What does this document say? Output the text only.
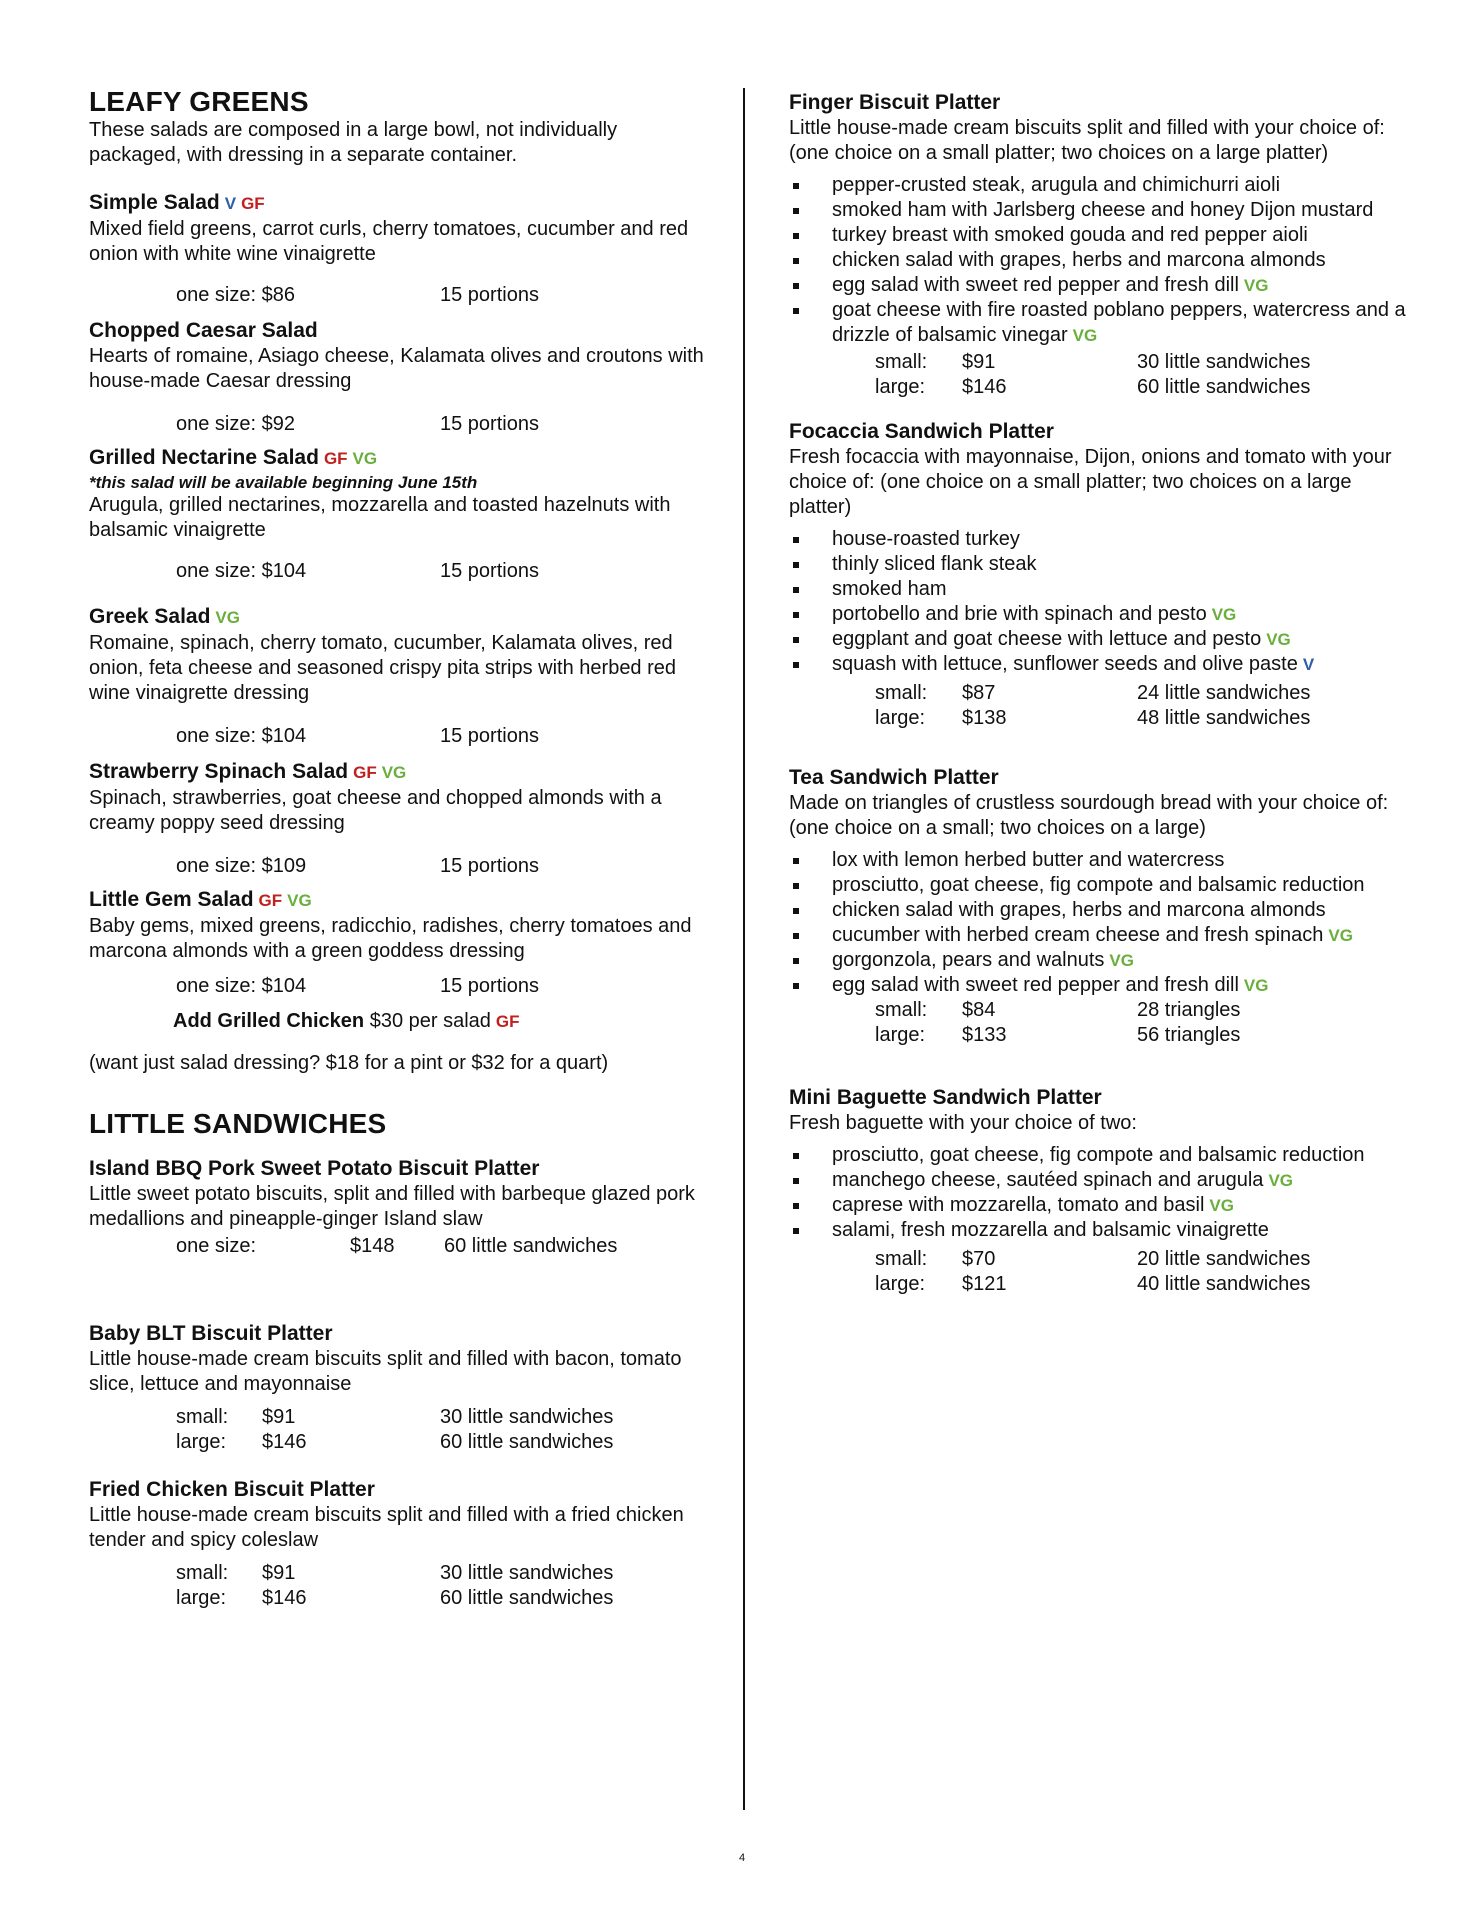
LEAFY GREENS

These salads are composed in a large bowl, not individually packaged, with dressing in a separate container.

Simple Salad V GF
Mixed field greens, carrot curls, cherry tomatoes, cucumber and red onion with white wine vinaigrette
one size: $86	15 portions
Chopped Caesar Salad
Hearts of romaine, Asiago cheese, Kalamata olives and croutons with house-made Caesar dressing
one size: $92	15 portions
Grilled Nectarine Salad GF VG
*this salad will be available beginning June 15th
Arugula, grilled nectarines, mozzarella and toasted hazelnuts with balsamic vinaigrette
one size: $104	15 portions
Greek Salad VG
Romaine, spinach, cherry tomato, cucumber, Kalamata olives, red onion, feta cheese and seasoned crispy pita strips with herbed red wine vinaigrette dressing
one size: $104	15 portions
Strawberry Spinach Salad GF VG
Spinach, strawberries, goat cheese and chopped almonds with a creamy poppy seed dressing
one size: $109	15 portions
Little Gem Salad GF VG
Baby gems, mixed greens, radicchio, radishes, cherry tomatoes and marcona almonds with a green goddess dressing
one size: $104	15 portions
Add Grilled Chicken $30 per salad GF
(want just salad dressing? $18 for a pint or $32 for a quart)
LITTLE SANDWICHES
Island BBQ Pork Sweet Potato Biscuit Platter
Little sweet potato biscuits, split and filled with barbeque glazed pork medallions and pineapple-ginger Island slaw
one size:	$148 60 little sandwiches
Baby BLT Biscuit Platter
Little house-made cream biscuits split and filled with bacon, tomato slice, lettuce and mayonnaise
small: $91	30 little sandwiches
large: $146	60 little sandwiches
Fried Chicken Biscuit Platter
Little house-made cream biscuits split and filled with a fried chicken tender and spicy coleslaw
small: $91	30 little sandwiches
large: $146	60 little sandwiches
Finger Biscuit Platter
Little house-made cream biscuits split and filled with your choice of: (one choice on a small platter; two choices on a large platter)
pepper-crusted steak, arugula and chimichurri aioli
smoked ham with Jarlsberg cheese and honey Dijon mustard
turkey breast with smoked gouda and red pepper aioli
chicken salad with grapes, herbs and marcona almonds
egg salad with sweet red pepper and fresh dill VG
goat cheese with fire roasted poblano peppers, watercress and a drizzle of balsamic vinegar VG
small: $91	30 little sandwiches
large: $146	60 little sandwiches
Focaccia Sandwich Platter
Fresh focaccia with mayonnaise, Dijon, onions and tomato with your choice of: (one choice on a small platter; two choices on a large platter)
house-roasted turkey
thinly sliced flank steak
smoked ham
portobello and brie with spinach and pesto VG
eggplant and goat cheese with lettuce and pesto VG
squash with lettuce, sunflower seeds and olive paste V
small: $87	24 little sandwiches
large: $138	48 little sandwiches
Tea Sandwich Platter
Made on triangles of crustless sourdough bread with your choice of: (one choice on a small; two choices on a large)
lox with lemon herbed butter and watercress
prosciutto, goat cheese, fig compote and balsamic reduction
chicken salad with grapes, herbs and marcona almonds
cucumber with herbed cream cheese and fresh spinach VG
gorgonzola, pears and walnuts VG
egg salad with sweet red pepper and fresh dill VG
small: $84	28 triangles
large: $133	56 triangles
Mini Baguette Sandwich Platter
Fresh baguette with your choice of two:
prosciutto, goat cheese, fig compote and balsamic reduction
manchego cheese, sautéed spinach and arugula VG
caprese with mozzarella, tomato and basil VG
salami, fresh mozzarella and balsamic vinaigrette
small: $70	20 little sandwiches
large: $121	40 little sandwiches
4
